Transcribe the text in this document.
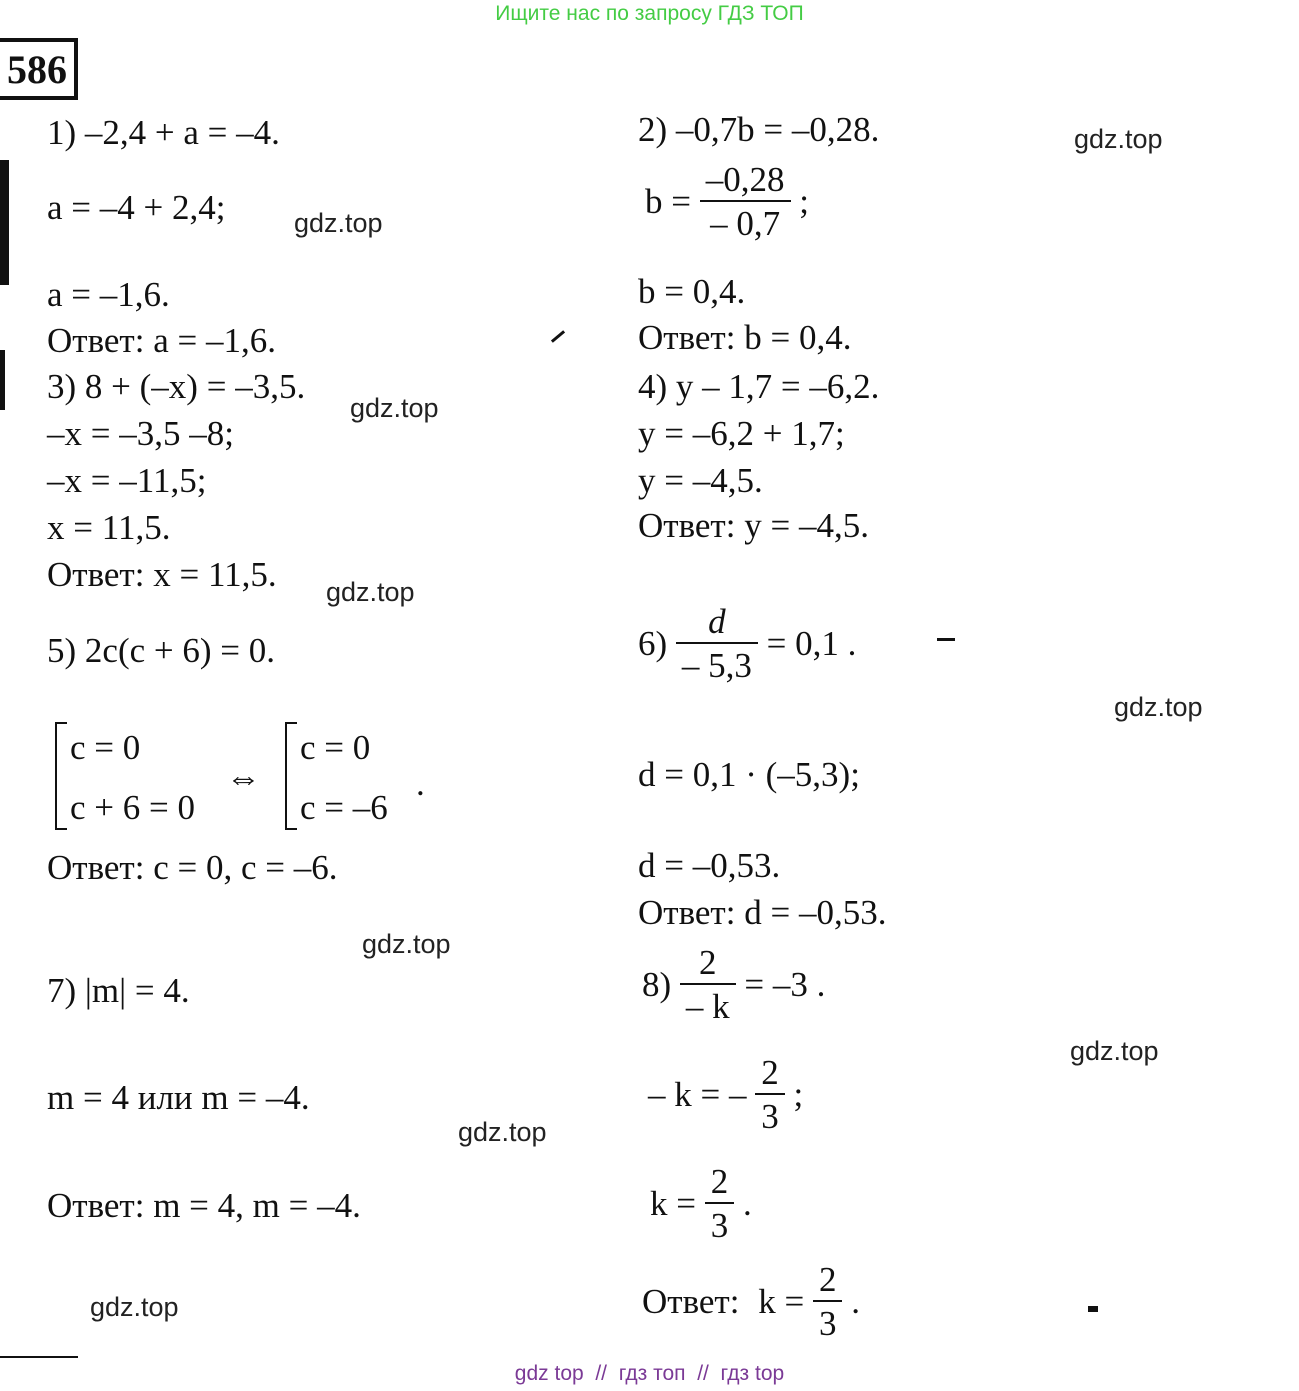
Ищите нас по запросу ГДЗ ТОП
586
1) –2,4 + a = –4.
a = –4 + 2,4;
a = –1,6.
Ответ: a = –1,6.
2) –0,7b = –0,28.
$b = \frac{-0,28}{- 0,7}$ ;
b = 0,4.
Ответ: b = 0,4.
3) 8 + (–x) = –3,5.
–x = –3,5 –8;
–x = –11,5;
x = 11,5.
Ответ: x = 11,5.
4) y – 1,7 = –6,2.
y = –6,2 + 1,7;
y = –4,5.
Ответ: y = –4,5.
5) 2c(c + 6) = 0.
c = 0
c + 6 = 0
⇔
c = 0
c = –6
.
Ответ: c = 0, c = –6.
$6) \frac{d}{- 5,3} = 0,1$ .
d = 0,1 · (–5,3);
d = –0,53.
Ответ: d = –0,53.
7) |m| = 4.
m = 4 или m = –4.
Ответ: m = 4, m = –4.
$8) \frac{2}{- k} = -3$ .
– k = – $\frac{2}{3}$ ;
$k = \frac{2}{3}$ .
Ответ: $k = \frac{2}{3}$ .
gdz.top
gdz.top
gdz.top
gdz.top
gdz.top
gdz.top
gdz.top
gdz.top
gdz.top
gdz top  //  гдз топ  //  гдз top
